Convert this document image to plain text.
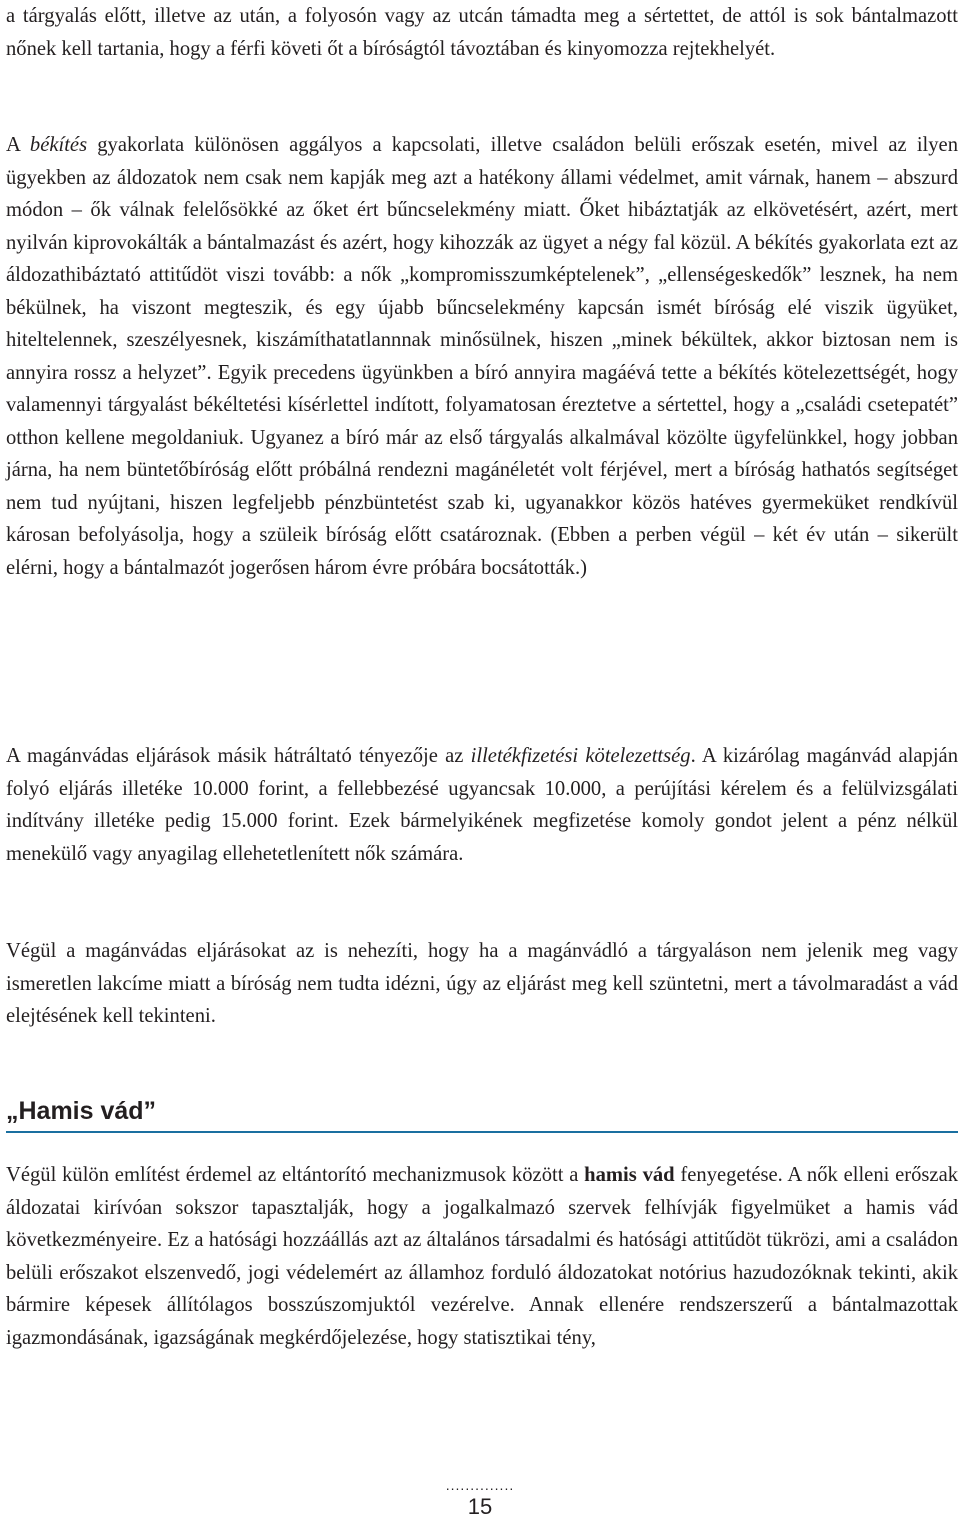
a tárgyalás előtt, illetve az után, a folyosón vagy az utcán támadta meg a sértettet, de attól is sok bántalmazott nőnek kell tartania, hogy a férfi követi őt a bíróságtól távoztában és kinyomozza rejtekhelyét.

A békítés gyakorlata különösen aggályos a kapcsolati, illetve családon belüli erőszak esetén, mivel az ilyen ügyekben az áldozatok nem csak nem kapják meg azt a hatékony állami védelmet, amit várnak, hanem – abszurd módon – ők válnak felelősökké az őket ért bűncselekmény miatt. Őket hibáztatják az elkövetésért, azért, mert nyilván kiprovokálták a bántalmazást és azért, hogy kihozzák az ügyet a négy fal közül. A békítés gyakorlata ezt az áldozathibáztató attitűdöt viszi tovább: a nők „kompromisszumképtelenek”, „ellenségeskedők” lesznek, ha nem békülnek, ha viszont megteszik, és egy újabb bűncselekmény kapcsán ismét bíróság elé viszik ügyüket, hiteltelennek, szeszélyesnek, kiszámíthatatlannnak minősülnek, hiszen „minek békültek, akkor biztosan nem is annyira rossz a helyzet”. Egyik precedens ügyünkben a bíró annyira magáévá tette a békítés kötelezettségét, hogy valamennyi tárgyalást békéltetési kísérlettel indított, folyamatosan éreztetve a sértettel, hogy a „családi csetepatét” otthon kellene megoldaniuk. Ugyanez a bíró már az első tárgyalás alkalmával közölte ügyfelünkkel, hogy jobban járna, ha nem büntetőbíróság előtt próbálná rendezni magánéletét volt férjével, mert a bíróság hathatós segítséget nem tud nyújtani, hiszen legfeljebb pénzbüntetést szab ki, ugyanakkor közös hatéves gyermeküket rendkívül károsan befolyásolja, hogy a szüleik bíróság előtt csatároznak. (Ebben a perben végül – két év után – sikerült elérni, hogy a bántalmazót jogerősen három évre próbára bocsátották.)

A magánvádas eljárások másik hátráltató tényezője az illetékfizetési kötelezettség. A kizárólag magánvád alapján folyó eljárás illetéke 10.000 forint, a fellebbezésé ugyancsak 10.000, a perújítási kérelem és a felülvizsgálati indítvány illetéke pedig 15.000 forint. Ezek bármelyikének megfizetése komoly gondot jelent a pénz nélkül menekülő vagy anyagilag ellehetetlenített nők számára.

Végül a magánvádas eljárásokat az is nehezíti, hogy ha a magánvádló a tárgyaláson nem jelenik meg vagy ismeretlen lakcíme miatt a bíróság nem tudta idézni, úgy az eljárást meg kell szüntetni, mert a távolmaradást a vád elejtésének kell tekinteni.

„Hamis vád”

Végül külön említést érdemel az eltántorító mechanizmusok között a hamis vád fenyegetése. A nők elleni erőszak áldozatai kirívóan sokszor tapasztalják, hogy a jogalkalmazó szervek felhívják figyelmüket a hamis vád következményeire. Ez a hatósági hozzáállás azt az általános társadalmi és hatósági attitűdöt tükrözi, ami a családon belüli erőszakot elszenvedő, jogi védelemért az államhoz forduló áldozatokat notórius hazudozóknak tekinti, akik bármire képesek állítólagos bosszúszomjuktól vezérelve. Annak ellenére rendszerszerű a bántalmazottak igazmondásának, igazságának megkérdőjelezése, hogy statisztikai tény,

..............
15
